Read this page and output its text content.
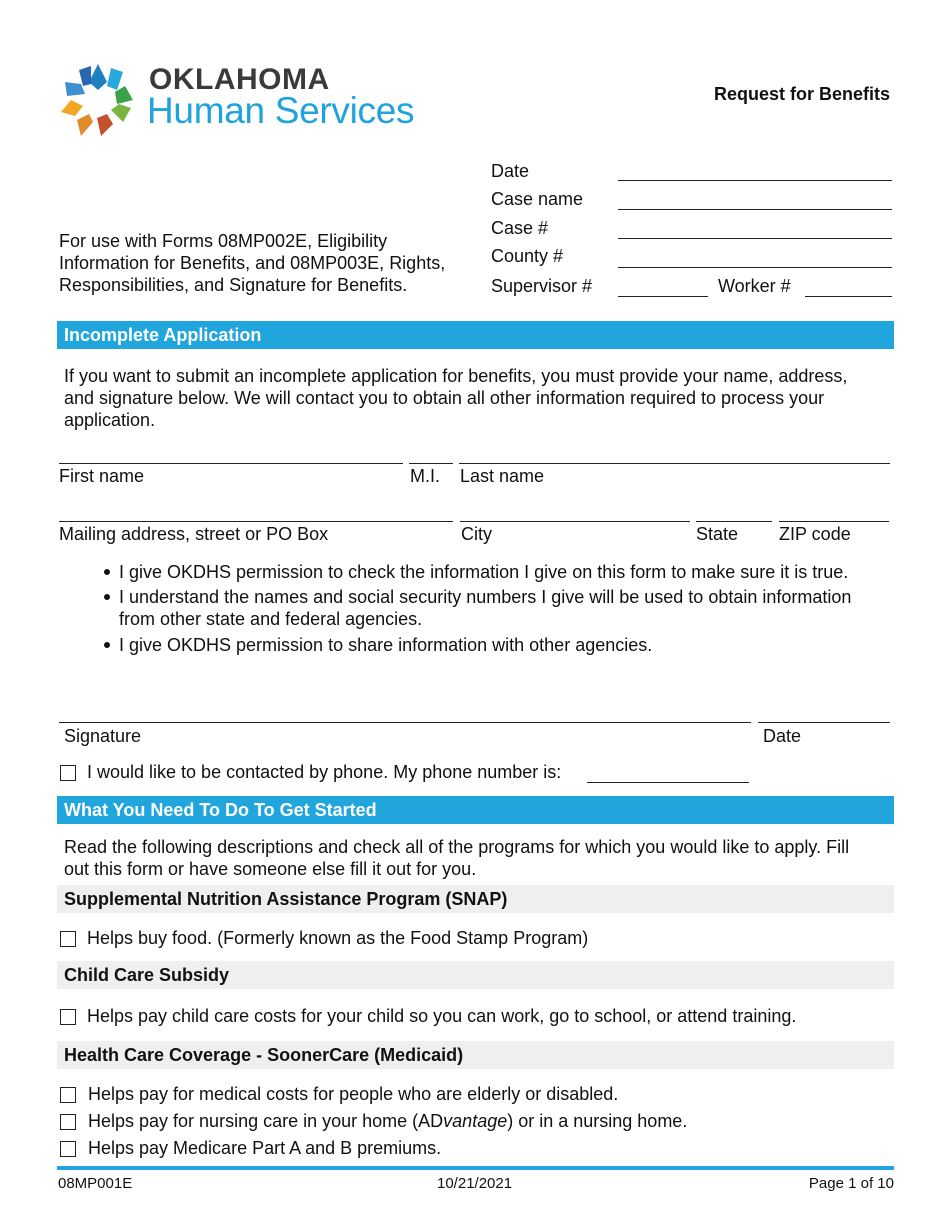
OKLAHOMA
Human Services	Request for Benefits
For use with Forms 08MP002E, Eligibility
Information for Benefits, and 08MP003E, Rights,
Responsibilities, and Signature for Benefits.
Date
Case name
Case #
County #
Supervisor #	Worker #
Incomplete Application
If you want to submit an incomplete application for benefits, you must provide your name, address,
and signature below. We will contact you to obtain all other information required to process your
application.
First name	M.I. Last name
Mailing address, street or PO Box	City	State ZIP code
I give OKDHS permission to check the information I give on this form to make sure it is true.
I understand the names and social security numbers I give will be used to obtain information
from other state and federal agencies.
I give OKDHS permission to share information with other agencies.
Signature	Date
I would like to be contacted by phone. My phone number is:
What You Need To Do To Get Started
Read the following descriptions and check all of the programs for which you would like to apply. Fill
out this form or have someone else fill it out for you.
Supplemental Nutrition Assistance Program (SNAP)
Helps buy food. (Formerly known as the Food Stamp Program)
Child Care Subsidy
Helps pay child care costs for your child so you can work, go to school, or attend training.
Health Care Coverage - SoonerCare (Medicaid)
Helps pay for medical costs for people who are elderly or disabled.
Helps pay for nursing care in your home (ADvantage) or in a nursing home.
Helps pay Medicare Part A and B premiums.
08MP001E	10/21/2021	Page 1 of 10
